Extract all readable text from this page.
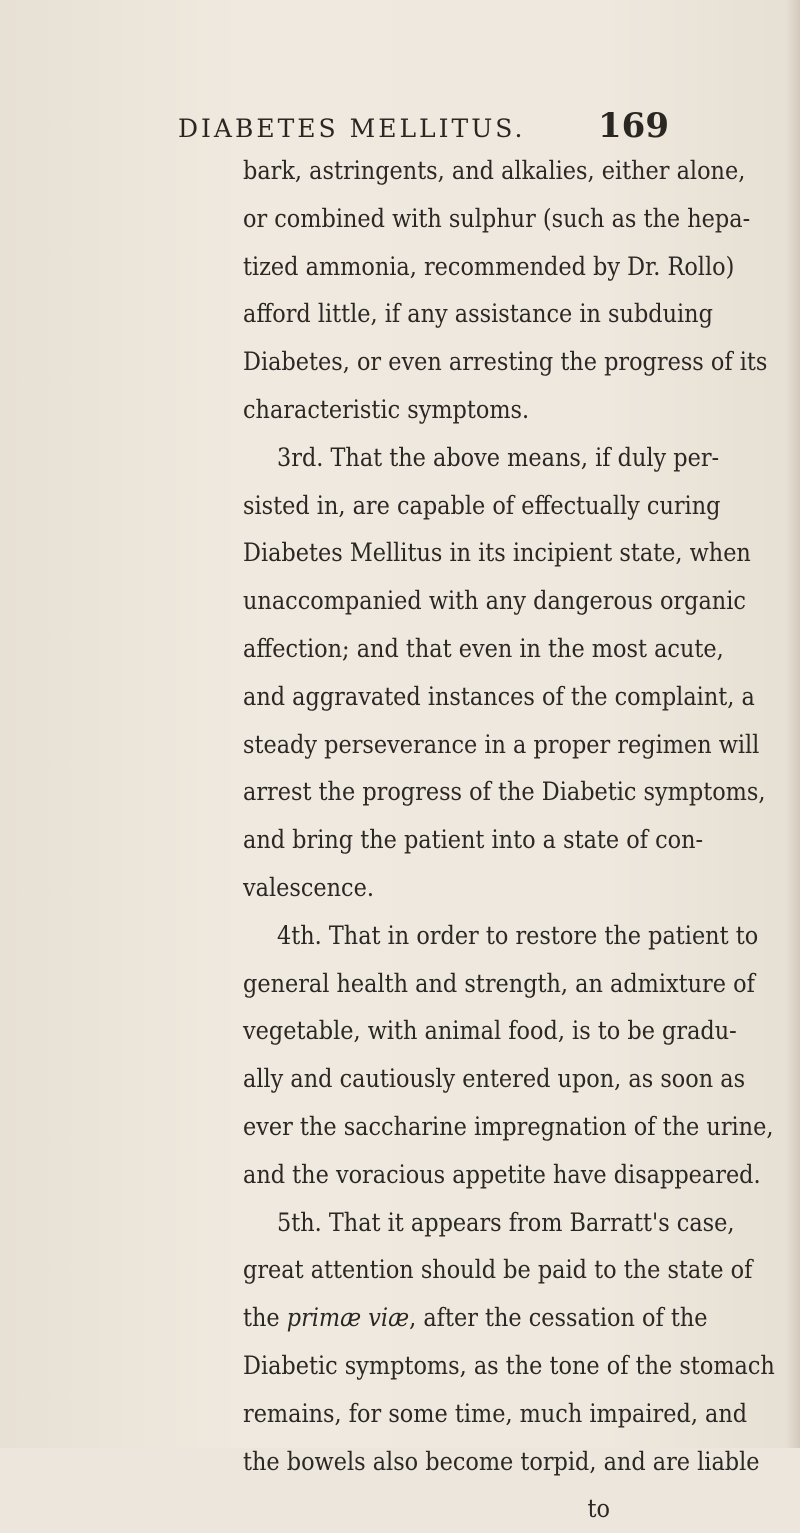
DIABETES MELLITUS. 169
bark, astringents, and alkalies, either alone,
or combined with sulphur (such as the hepa-
tized ammonia, recommended by Dr. Rollo)
afford little, if any assistance in subduing
Diabetes, or even arresting the progress of its
characteristic symptoms.
3rd. That the above means, if duly per-
sisted in, are capable of effectually curing
Diabetes Mellitus in its incipient state, when
unaccompanied with any dangerous organic
affection; and that even in the most acute,
and aggravated instances of the complaint, a
steady perseverance in a proper regimen will
arrest the progress of the Diabetic symptoms,
and bring the patient into a state of con-
valescence.
4th. That in order to restore the patient to
general health and strength, an admixture of
vegetable, with animal food, is to be gradu-
ally and cautiously entered upon, as soon as
ever the saccharine impregnation of the urine,
and the voracious appetite have disappeared.
5th. That it appears from Barratt's case,
great attention should be paid to the state of
the primæ viæ, after the cessation of the
Diabetic symptoms, as the tone of the stomach
remains, for some time, much impaired, and
the bowels also become torpid, and are liable
to
